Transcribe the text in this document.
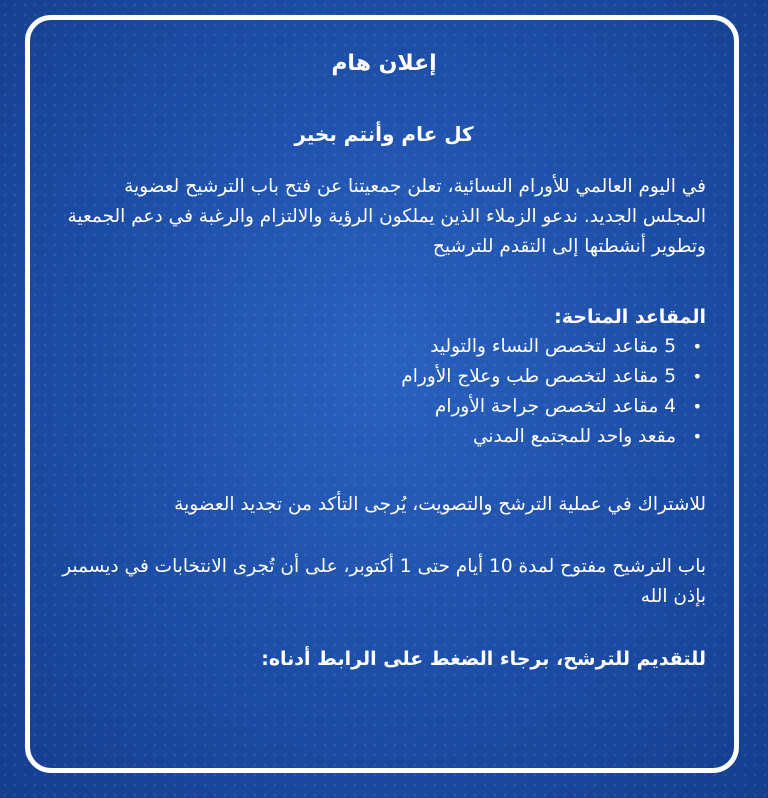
إعلان هام
كل عام وأنتم بخير

في اليوم العالمي للأورام النسائية، تعلن جمعيتنا عن فتح باب الترشيح لعضوية المجلس الجديد. ندعو الزملاء الذين يملكون الرؤية والالتزام والرغبة في دعم الجمعية وتطوير أنشطتها إلى التقدم للترشيح

المقاعد المتاحة:
•
5 مقاعد لتخصص النساء والتوليد
•
5 مقاعد لتخصص طب وعلاج الأورام
•
4 مقاعد لتخصص جراحة الأورام
•
مقعد واحد للمجتمع المدني

للاشتراك في عملية الترشح والتصويت، يُرجى التأكد من تجديد العضوية

باب الترشيح مفتوح لمدة 10 أيام حتى 1 أكتوبر، على أن تُجرى الانتخابات في ديسمبر بإذن الله

للتقديم للترشح، برجاء الضغط على الرابط أدناه:
